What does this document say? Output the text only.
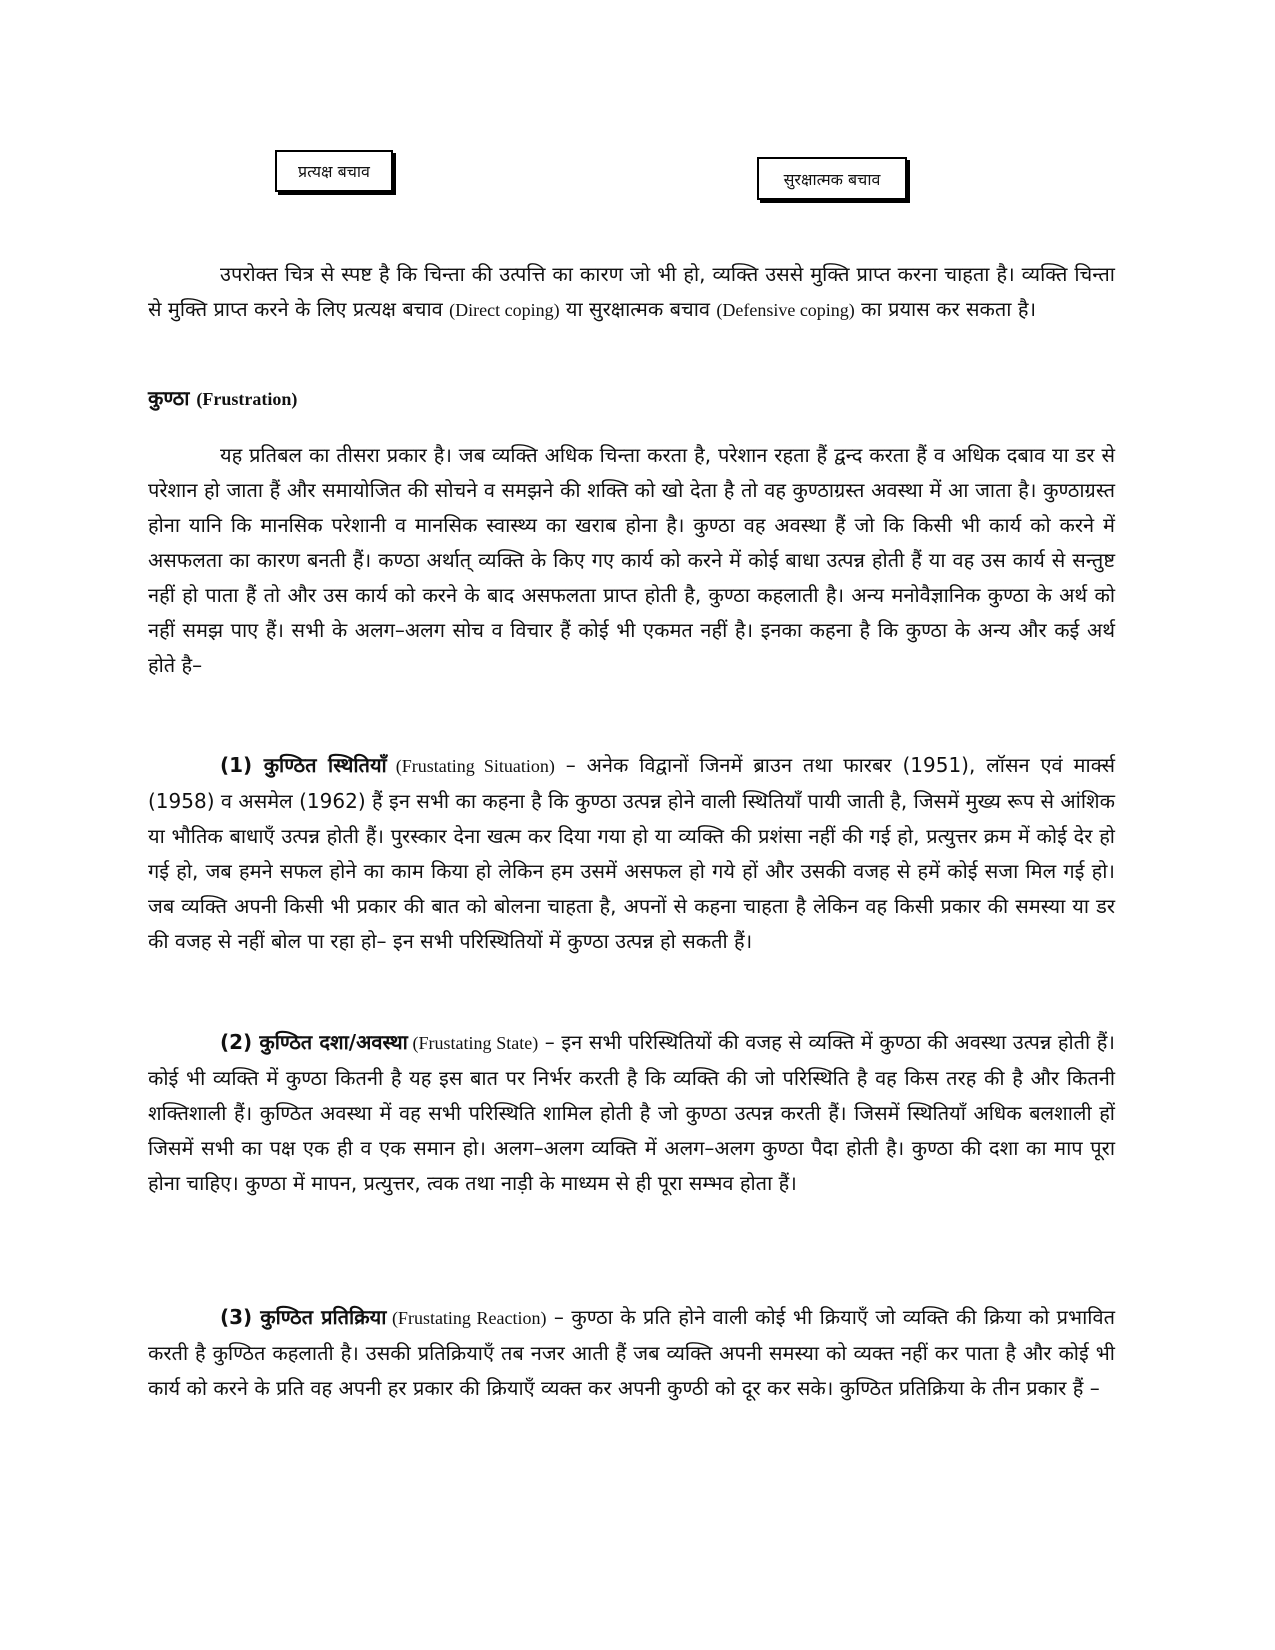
प्रत्यक्ष बचाव	सुरक्षात्मक बचाव

उपरोक्त चित्र से स्पष्ट है कि चिन्ता की उत्पत्ति का कारण जो भी हो, व्यक्ति उससे मुक्ति प्राप्त करना चाहता है। व्यक्ति चिन्ता से मुक्ति प्राप्त करने के लिए प्रत्यक्ष बचाव (Direct coping) या सुरक्षात्मक बचाव (Defensive coping) का प्रयास कर सकता है।

कुण्ठा (Frustration)

यह प्रतिबल का तीसरा प्रकार है। जब व्यक्ति अधिक चिन्ता करता है, परेशान रहता हैं द्वन्द करता हैं व अधिक दबाव या डर से परेशान हो जाता हैं और समायोजित की सोचने व समझने की शक्ति को खो देता है तो वह कुण्ठाग्रस्त अवस्था में आ जाता है। कुण्ठाग्रस्त होना यानि कि मानसिक परेशानी व मानसिक स्वास्थ्य का खराब होना है। कुण्ठा वह अवस्था हैं जो कि किसी भी कार्य को करने में असफलता का कारण बनती हैं। कण्ठा अर्थात् व्यक्ति के किए गए कार्य को करने में कोई बाधा उत्पन्न होती हैं या वह उस कार्य से सन्तुष्ट नहीं हो पाता हैं तो और उस कार्य को करने के बाद असफलता प्राप्त होती है, कुण्ठा कहलाती है। अन्य मनोवैज्ञानिक कुण्ठा के अर्थ को नहीं समझ पाए हैं। सभी के अलग–अलग सोच व विचार हैं कोई भी एकमत नहीं है। इनका कहना है कि कुण्ठा के अन्य और कई अर्थ होते है–

(1) कुण्ठित स्थितियाँ (Frustating Situation) – अनेक विद्वानों जिनमें ब्राउन तथा फारबर (1951), लॉसन एवं मार्क्स (1958) व असमेल (1962) हैं इन सभी का कहना है कि कुण्ठा उत्पन्न होने वाली स्थितियाँ पायी जाती है, जिसमें मुख्य रूप से आंशिक या भौतिक बाधाएँ उत्पन्न होती हैं। पुरस्कार देना खत्म कर दिया गया हो या व्यक्ति की प्रशंसा नहीं की गई हो, प्रत्युत्तर क्रम में कोई देर हो गई हो, जब हमने सफल होने का काम किया हो लेकिन हम उसमें असफल हो गये हों और उसकी वजह से हमें कोई सजा मिल गई हो। जब व्यक्ति अपनी किसी भी प्रकार की बात को बोलना चाहता है, अपनों से कहना चाहता है लेकिन वह किसी प्रकार की समस्या या डर की वजह से नहीं बोल पा रहा हो– इन सभी परिस्थितियों में कुण्ठा उत्पन्न हो सकती हैं।

(2) कुण्ठित दशा/अवस्था (Frustating State) – इन सभी परिस्थितियों की वजह से व्यक्ति में कुण्ठा की अवस्था उत्पन्न होती हैं। कोई भी व्यक्ति में कुण्ठा कितनी है यह इस बात पर निर्भर करती है कि व्यक्ति की जो परिस्थिति है वह किस तरह की है और कितनी शक्तिशाली हैं। कुण्ठित अवस्था में वह सभी परिस्थिति शामिल होती है जो कुण्ठा उत्पन्न करती हैं। जिसमें स्थितियाँ अधिक बलशाली हों जिसमें सभी का पक्ष एक ही व एक समान हो। अलग–अलग व्यक्ति में अलग–अलग कुण्ठा पैदा होती है। कुण्ठा की दशा का माप पूरा होना चाहिए। कुण्ठा में मापन, प्रत्युत्तर, त्वक तथा नाड़ी के माध्यम से ही पूरा सम्भव होता हैं।

(3) कुण्ठित प्रतिक्रिया (Frustating Reaction) – कुण्ठा के प्रति होने वाली कोई भी क्रियाएँ जो व्यक्ति की क्रिया को प्रभावित करती है कुण्ठित कहलाती है। उसकी प्रतिक्रियाएँ तब नजर आती हैं जब व्यक्ति अपनी समस्या को व्यक्त नहीं कर पाता है और कोई भी कार्य को करने के प्रति वह अपनी हर प्रकार की क्रियाएँ व्यक्त कर अपनी कुण्ठी को दूर कर सके। कुण्ठित प्रतिक्रिया के तीन प्रकार हैं –
